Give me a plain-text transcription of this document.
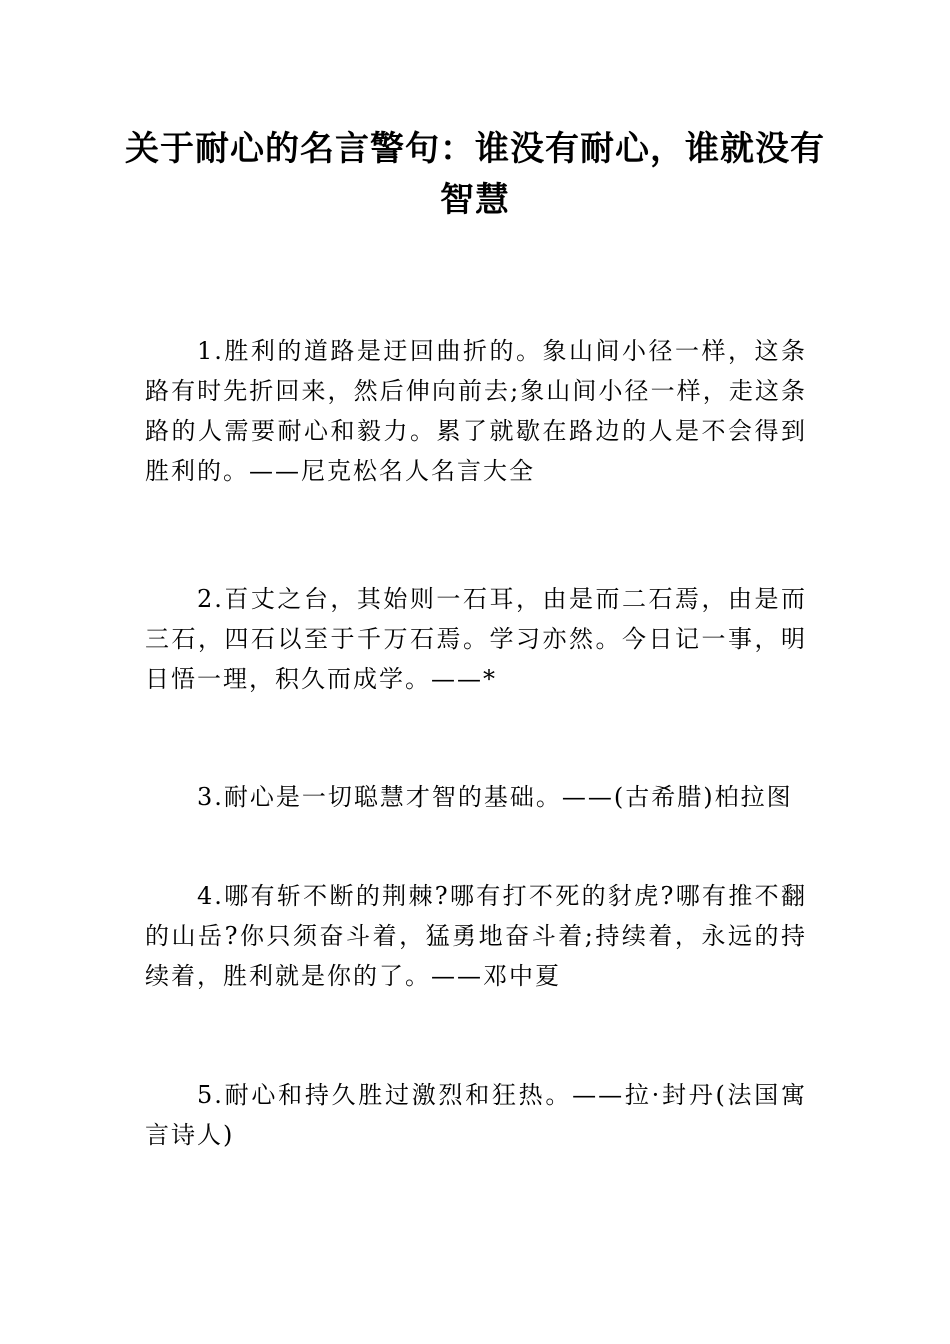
关于耐心的名言警句：谁没有耐心，谁就没有智慧

1.胜利的道路是迂回曲折的。象山间小径一样，这条路有时先折回来，然后伸向前去;象山间小径一样，走这条路的人需要耐心和毅力。累了就歇在路边的人是不会得到胜利的。——尼克松名人名言大全

2.百丈之台，其始则一石耳，由是而二石焉，由是而三石，四石以至于千万石焉。学习亦然。今日记一事，明日悟一理，积久而成学。——*

3.耐心是一切聪慧才智的基础。——(古希腊)柏拉图

4.哪有斩不断的荆棘?哪有打不死的豺虎?哪有推不翻的山岳?你只须奋斗着，猛勇地奋斗着;持续着，永远的持续着，胜利就是你的了。——邓中夏

5.耐心和持久胜过激烈和狂热。——拉·封丹(法国寓言诗人)
